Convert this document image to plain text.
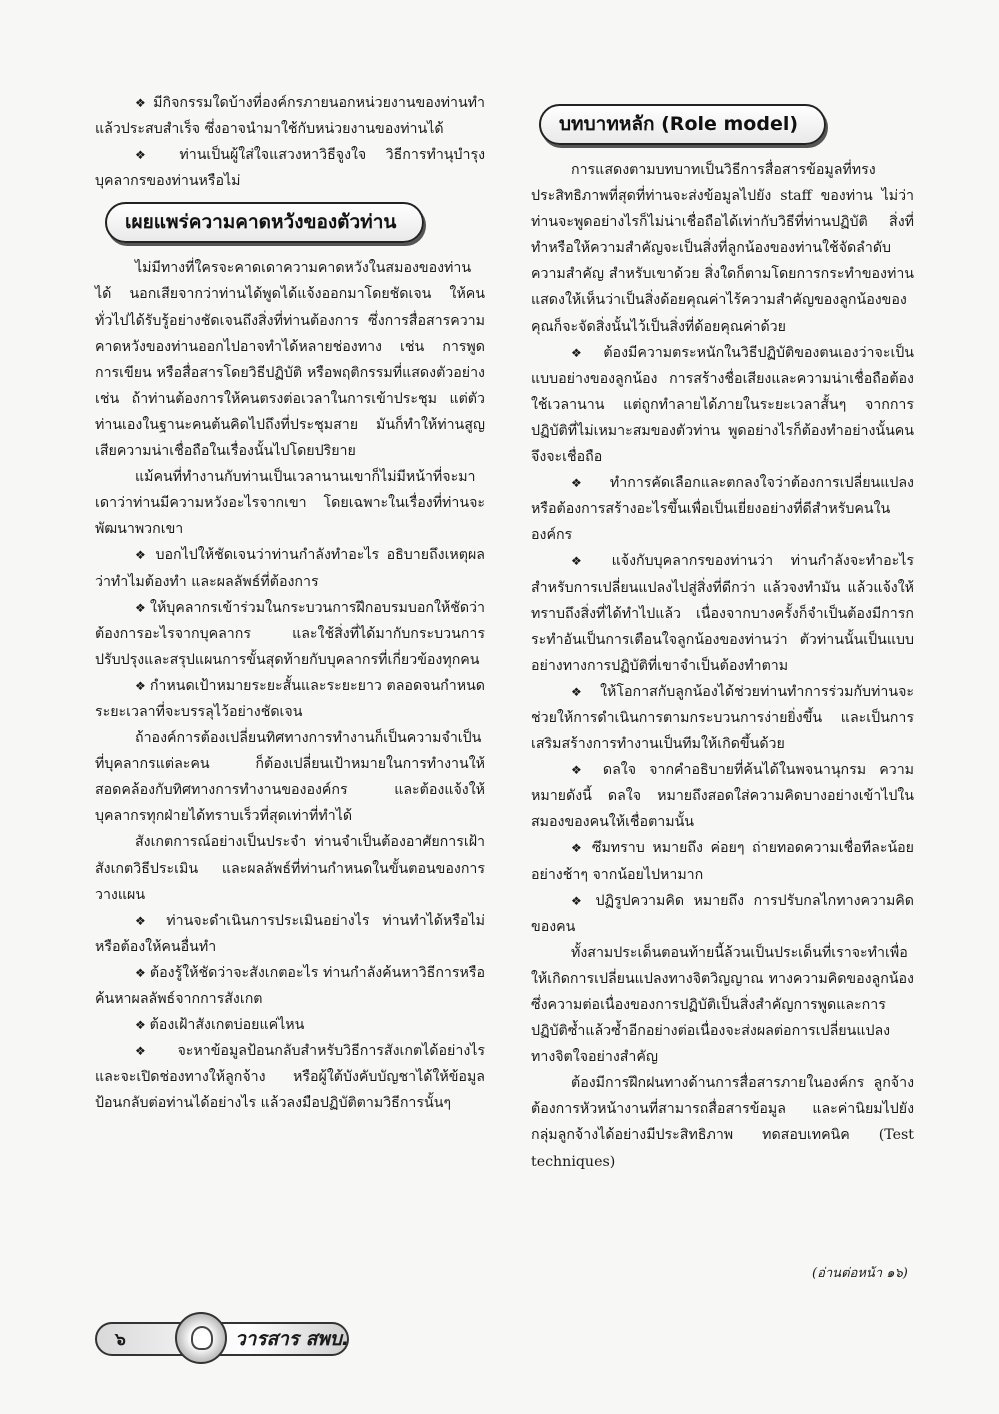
❖ มีกิจกรรมใดบ้างที่องค์กรภายนอกหน่วยงานของท่านทำแล้วประสบสำเร็จ ซึ่งอาจนำมาใช้กับหน่วยงานของท่านได้

❖ ท่านเป็นผู้ใส่ใจแสวงหาวิธีจูงใจ วิธีการทำนุบำรุงบุคลากรของท่านหรือไม่

เผยแพร่ความคาดหวังของตัวท่าน

ไม่มีทางที่ใครจะคาดเดาความคาดหวังในสมองของท่านได้ นอกเสียจากว่าท่านได้พูดได้แจ้งออกมาโดยชัดเจน ให้คนทั่วไปได้รับรู้อย่างชัดเจนถึงสิ่งที่ท่านต้องการ ซึ่งการสื่อสารความคาดหวังของท่านออกไปอาจทำได้หลายช่องทาง เช่น การพูด การเขียน หรือสื่อสารโดยวิธีปฏิบัติ หรือพฤติกรรมที่แสดงตัวอย่างเช่น ถ้าท่านต้องการให้คนตรงต่อเวลาในการเข้าประชุม แต่ตัวท่านเองในฐานะคนต้นคิดไปถึงที่ประชุมสาย มันก็ทำให้ท่านสูญเสียความน่าเชื่อถือในเรื่องนั้นไปโดยปริยาย

แม้คนที่ทำงานกับท่านเป็นเวลานานเขาก็ไม่มีหน้าที่จะมาเดาว่าท่านมีความหวังอะไรจากเขา โดยเฉพาะในเรื่องที่ท่านจะพัฒนาพวกเขา

❖ บอกไปให้ชัดเจนว่าท่านกำลังทำอะไร อธิบายถึงเหตุผลว่าทำไมต้องทำ และผลลัพธ์ที่ต้องการ

❖ ให้บุคลากรเข้าร่วมในกระบวนการฝึกอบรมบอกให้ชัดว่าต้องการอะไรจากบุคลากร และใช้สิ่งที่ได้มากับกระบวนการปรับปรุงและสรุปแผนการขั้นสุดท้ายกับบุคลากรที่เกี่ยวข้องทุกคน

❖ กำหนดเป้าหมายระยะสั้นและระยะยาว ตลอดจนกำหนดระยะเวลาที่จะบรรลุไว้อย่างชัดเจน

ถ้าองค์การต้องเปลี่ยนทิศทางการทำงานก็เป็นความจำเป็นที่บุคลากรแต่ละคน ก็ต้องเปลี่ยนเป้าหมายในการทำงานให้สอดคล้องกับทิศทางการทำงานขององค์กร และต้องแจ้งให้บุคลากรทุกฝ่ายได้ทราบเร็วที่สุดเท่าที่ทำได้

สังเกตการณ์อย่างเป็นประจำ ท่านจำเป็นต้องอาศัยการเฝ้าสังเกตวิธีประเมิน และผลลัพธ์ที่ท่านกำหนดในขั้นตอนของการวางแผน

❖ ท่านจะดำเนินการประเมินอย่างไร ท่านทำได้หรือไม่หรือต้องให้คนอื่นทำ

❖ ต้องรู้ให้ชัดว่าจะสังเกตอะไร ท่านกำลังค้นหาวิธีการหรือค้นหาผลลัพธ์จากการสังเกต

❖ ต้องเฝ้าสังเกตบ่อยแค่ไหน

❖ จะหาข้อมูลป้อนกลับสำหรับวิธีการสังเกตได้อย่างไร และจะเปิดช่องทางให้ลูกจ้าง หรือผู้ใต้บังคับบัญชาได้ให้ข้อมูลป้อนกลับต่อท่านได้อย่างไร แล้วลงมือปฏิบัติตามวิธีการนั้นๆ

บทบาทหลัก (Role model)

การแสดงตามบทบาทเป็นวิธีการสื่อสารข้อมูลที่ทรงประสิทธิภาพที่สุดที่ท่านจะส่งข้อมูลไปยัง staff ของท่าน ไม่ว่าท่านจะพูดอย่างไรก็ไม่น่าเชื่อถือได้เท่ากับวิธีที่ท่านปฏิบัติ สิ่งที่ทำหรือให้ความสำคัญจะเป็นสิ่งที่ลูกน้องของท่านใช้จัดลำดับความสำคัญ สำหรับเขาด้วย สิ่งใดก็ตามโดยการกระทำของท่านแสดงให้เห็นว่าเป็นสิ่งด้อยคุณค่าไร้ความสำคัญของลูกน้องของคุณก็จะจัดสิ่งนั้นไว้เป็นสิ่งที่ด้อยคุณค่าด้วย

❖ ต้องมีความตระหนักในวิธีปฏิบัติของตนเองว่าจะเป็นแบบอย่างของลูกน้อง การสร้างชื่อเสียงและความน่าเชื่อถือต้องใช้เวลานาน แต่ถูกทำลายได้ภายในระยะเวลาสั้นๆ จากการปฏิบัติที่ไม่เหมาะสมของตัวท่าน พูดอย่างไรก็ต้องทำอย่างนั้นคนจึงจะเชื่อถือ

❖ ทำการคัดเลือกและตกลงใจว่าต้องการเปลี่ยนแปลง หรือต้องการสร้างอะไรขึ้นเพื่อเป็นเยี่ยงอย่างที่ดีสำหรับคนในองค์กร

❖ แจ้งกับบุคลากรของท่านว่า ท่านกำลังจะทำอะไร สำหรับการเปลี่ยนแปลงไปสู่สิ่งที่ดีกว่า แล้วจงทำมัน แล้วแจ้งให้ทราบถึงสิ่งที่ได้ทำไปแล้ว เนื่องจากบางครั้งก็จำเป็นต้องมีการกระทำอันเป็นการเตือนใจลูกน้องของท่านว่า ตัวท่านนั้นเป็นแบบอย่างทางการปฏิบัติที่เขาจำเป็นต้องทำตาม

❖ ให้โอกาสกับลูกน้องได้ช่วยท่านทำการร่วมกับท่านจะช่วยให้การดำเนินการตามกระบวนการง่ายยิ่งขึ้น และเป็นการเสริมสร้างการทำงานเป็นทีมให้เกิดขึ้นด้วย

❖ ดลใจ จากคำอธิบายที่ค้นได้ในพจนานุกรม ความหมายดังนี้ ดลใจ หมายถึงสอดใส่ความคิดบางอย่างเข้าไปในสมองของคนให้เชื่อตามนั้น

❖ ซึมทราบ หมายถึง ค่อยๆ ถ่ายทอดความเชื่อทีละน้อย อย่างช้าๆ จากน้อยไปหามาก

❖ ปฏิรูปความคิด หมายถึง การปรับกลไกทางความคิดของคน

ทั้งสามประเด็นตอนท้ายนี้ล้วนเป็นประเด็นที่เราจะทำเพื่อให้เกิดการเปลี่ยนแปลงทางจิตวิญญาณ ทางความคิดของลูกน้อง ซึ่งความต่อเนื่องของการปฏิบัติเป็นสิ่งสำคัญการพูดและการปฏิบัติซ้ำแล้วซ้ำอีกอย่างต่อเนื่องจะส่งผลต่อการเปลี่ยนแปลงทางจิตใจอย่างสำคัญ

ต้องมีการฝึกฝนทางด้านการสื่อสารภายในองค์กร ลูกจ้างต้องการหัวหน้างานที่สามารถสื่อสารข้อมูล และค่านิยมไปยังกลุ่มลูกจ้างได้อย่างมีประสิทธิภาพ ทดสอบเทคนิค (Test techniques)

(อ่านต่อหน้า ๑๖)
๖	วารสาร สพบ.
